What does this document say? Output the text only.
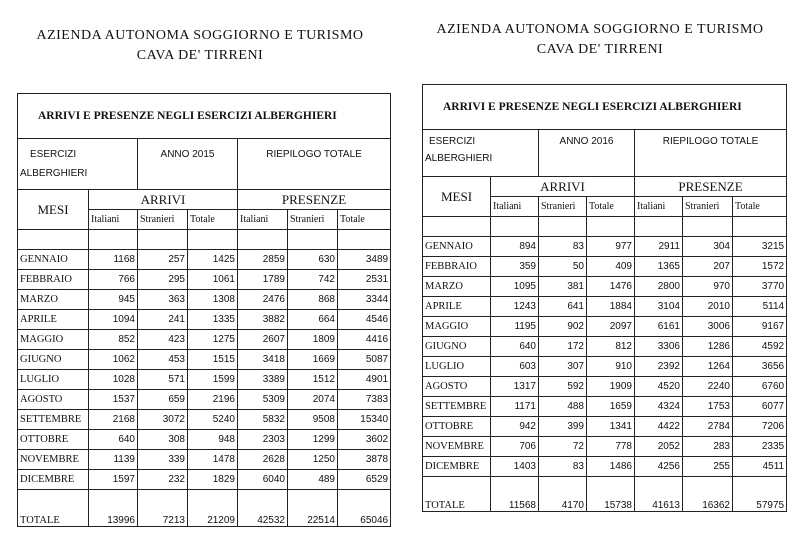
AZIENDA AUTONOMA SOGGIORNO E TURISMO
CAVA DE' TIRRENI
ARRIVI E PRESENZE NEGLI ESERCIZI ALBERGHIERI						

ESERCIZI
ALBERGHIERI		ANNO 2015		RIEPILOGO TOTALE		
MESI	ARRIVI			PRESENZE		
	Italiani	Stranieri	Totale	Italiani	Stranieri	Totale

GENNAIO	1168	257	1425	2859	630	3489
FEBBRAIO	766	295	1061	1789	742	2531
MARZO	945	363	1308	2476	868	3344
APRILE	1094	241	1335	3882	664	4546
MAGGIO	852	423	1275	2607	1809	4416
GIUGNO	1062	453	1515	3418	1669	5087
LUGLIO	1028	571	1599	3389	1512	4901
AGOSTO	1537	659	2196	5309	2074	7383
SETTEMBRE	2168	3072	5240	5832	9508	15340
OTTOBRE	640	308	948	2303	1299	3602
NOVEMBRE	1139	339	1478	2628	1250	3878
DICEMBRE	1597	232	1829	6040	489	6529
TOTALE	13996	7213	21209	42532	22514	65046
AZIENDA AUTONOMA SOGGIORNO E TURISMO
CAVA DE' TIRRENI
ARRIVI E PRESENZE NEGLI ESERCIZI ALBERGHIERI						

ESERCIZI
ALBERGHIERI		ANNO 2016		RIEPILOGO TOTALE		
MESI	ARRIVI			PRESENZE		
	Italiani	Stranieri	Totale	Italiani	Stranieri	Totale

GENNAIO	894	83	977	2911	304	3215
FEBBRAIO	359	50	409	1365	207	1572
MARZO	1095	381	1476	2800	970	3770
APRILE	1243	641	1884	3104	2010	5114
MAGGIO	1195	902	2097	6161	3006	9167
GIUGNO	640	172	812	3306	1286	4592
LUGLIO	603	307	910	2392	1264	3656
AGOSTO	1317	592	1909	4520	2240	6760
SETTEMBRE	1171	488	1659	4324	1753	6077
OTTOBRE	942	399	1341	4422	2784	7206
NOVEMBRE	706	72	778	2052	283	2335
DICEMBRE	1403	83	1486	4256	255	4511
TOTALE	11568	4170	15738	41613	16362	57975
